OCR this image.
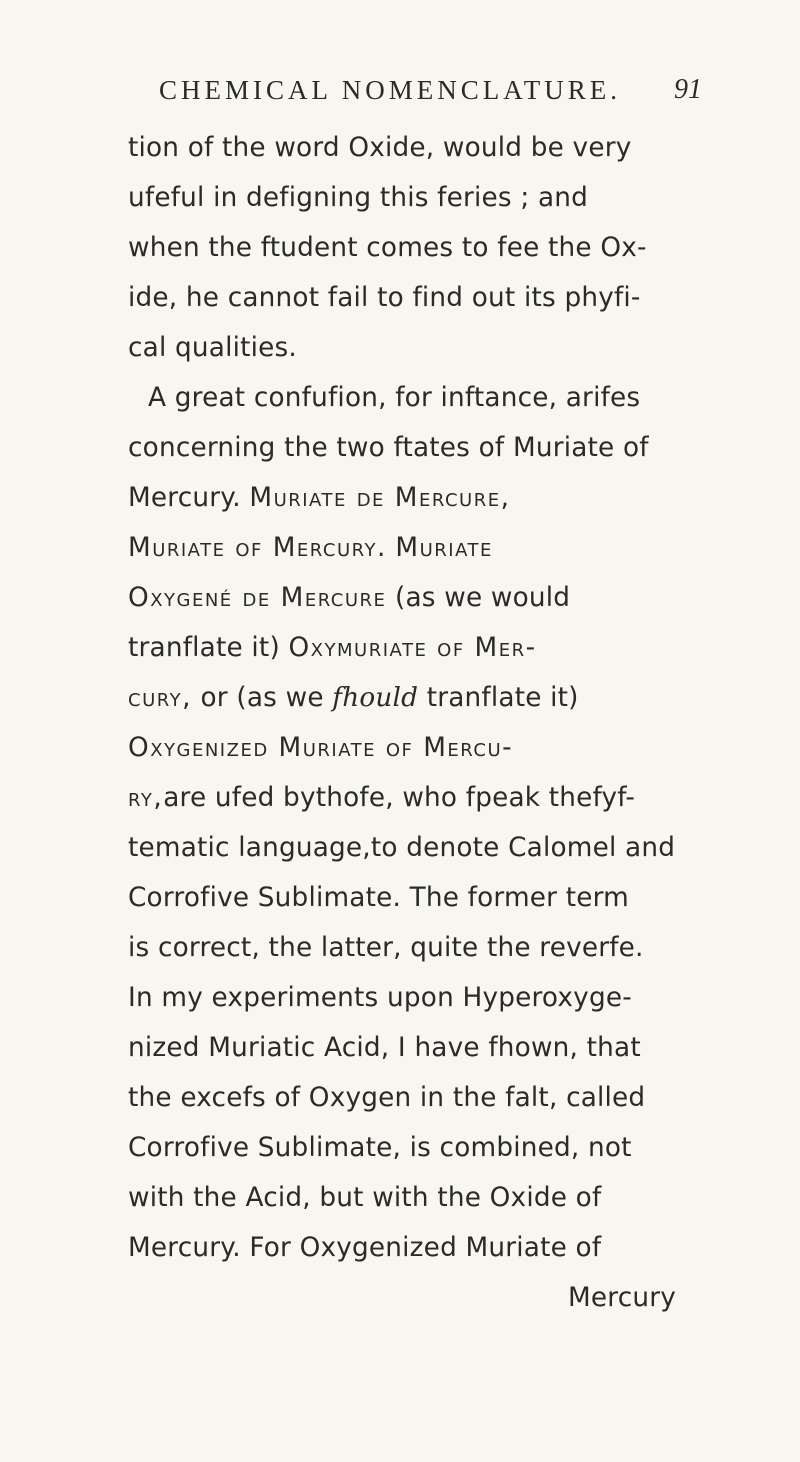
CHEMICAL NOMENCLATURE.	91
tion of the word Oxide, would be very
ufeful in defigning this feries ; and
when the ftudent comes to fee the Ox-
ide, he cannot fail to find out its phyfi-
cal qualities.
A great confufion, for inftance, arifes
concerning the two ftates of Muriate of
Mercury. Muriate de Mercure,
Muriate of Mercury. Muriate
Oxygené de Mercure (as we would
tranflate it) Oxymuriate of Mer-
cury, or (as we fhould tranflate it)
Oxygenized Muriate of Mercu-
ry,are ufed bythofe, who fpeak thefyf-
tematic language,to denote Calomel and
Corrofive Sublimate. The former term
is correct, the latter, quite the reverfe.
In my experiments upon Hyperoxyge-
nized Muriatic Acid, I have fhown, that
the excefs of Oxygen in the falt, called
Corrofive Sublimate, is combined, not
with the Acid, but with the Oxide of
Mercury. For Oxygenized Muriate of
Mercury
